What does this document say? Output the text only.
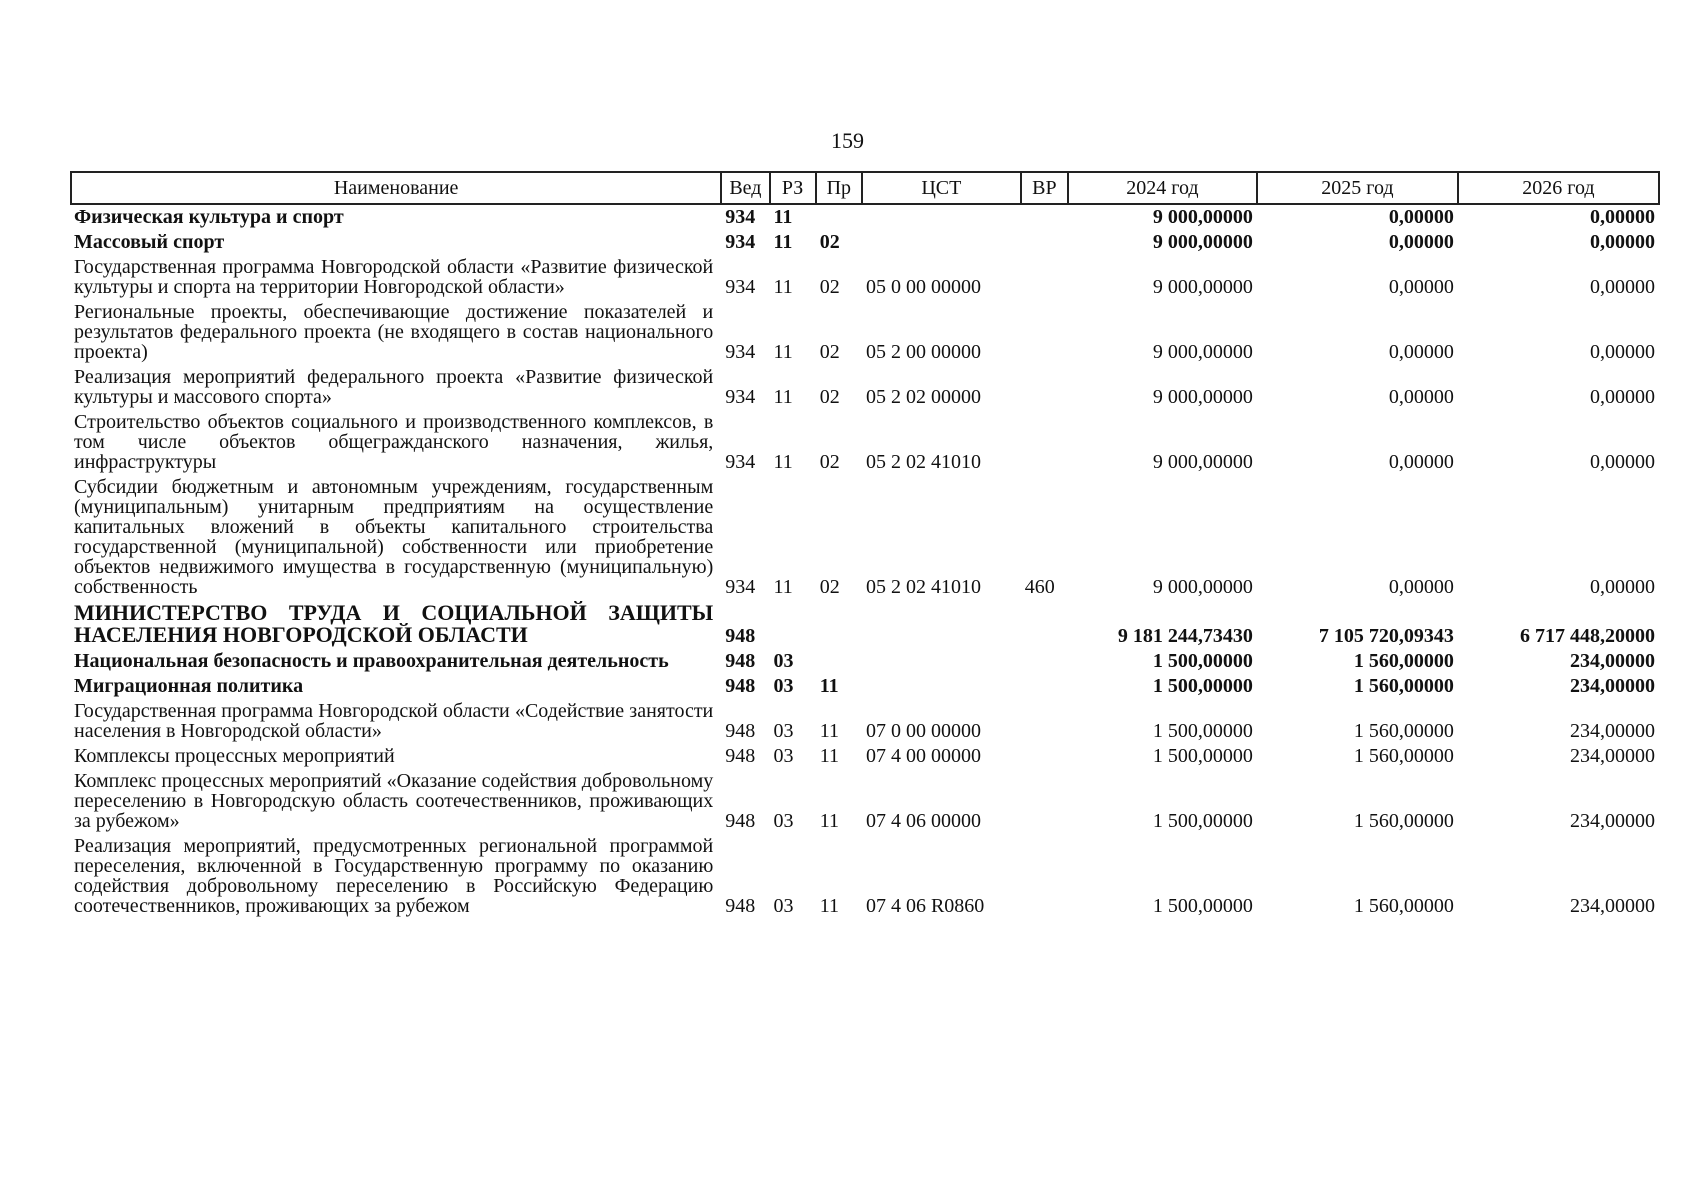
159
Наименование	Вед	РЗ	Пр	ЦСТ	ВР	2024 год	2025 год	2026 год
Физическая культура и спорт	934	11				9 000,00000	0,00000	0,00000
Массовый спорт	934	11	02			9 000,00000	0,00000	0,00000
Государственная программа Новгородской области «Развитие физической культуры и спорта на территории Новгородской области»	934	11	02	05 0 00 00000		9 000,00000	0,00000	0,00000
Региональные проекты, обеспечивающие достижение показателей и результатов федерального проекта (не входящего в состав национального проекта)	934	11	02	05 2 00 00000		9 000,00000	0,00000	0,00000
Реализация мероприятий федерального проекта «Развитие физической культуры и массового спорта»	934	11	02	05 2 02 00000		9 000,00000	0,00000	0,00000
Строительство объектов социального и производственного комплексов, в том числе объектов общегражданского назначения, жилья, инфраструктуры	934	11	02	05 2 02 41010		9 000,00000	0,00000	0,00000
Субсидии бюджетным и автономным учреждениям, государственным (муниципальным) унитарным предприятиям на осуществление капитальных вложений в объекты капитального строительства государственной (муниципальной) собственности или приобретение объектов недвижимого имущества в государственную (муниципальную) собственность	934	11	02	05 2 02 41010	460	9 000,00000	0,00000	0,00000
МИНИСТЕРСТВО ТРУДА И СОЦИАЛЬНОЙ ЗАЩИТЫ НАСЕЛЕНИЯ НОВГОРОДСКОЙ ОБЛАСТИ	948					9 181 244,73430	7 105 720,09343	6 717 448,20000
Национальная безопасность и правоохранительная деятельность	948	03				1 500,00000	1 560,00000	234,00000
Миграционная политика	948	03	11			1 500,00000	1 560,00000	234,00000
Государственная программа Новгородской области «Содействие занятости населения в Новгородской области»	948	03	11	07 0 00 00000		1 500,00000	1 560,00000	234,00000
Комплексы процессных мероприятий	948	03	11	07 4 00 00000		1 500,00000	1 560,00000	234,00000
Комплекс процессных мероприятий «Оказание содействия добровольному переселению в Новгородскую область соотечественников, проживающих за рубежом»	948	03	11	07 4 06 00000		1 500,00000	1 560,00000	234,00000
Реализация мероприятий, предусмотренных региональной программой переселения, включенной в Государственную программу по оказанию содействия добровольному переселению в Российскую Федерацию соотечественников, проживающих за рубежом	948	03	11	07 4 06 R0860		1 500,00000	1 560,00000	234,00000
